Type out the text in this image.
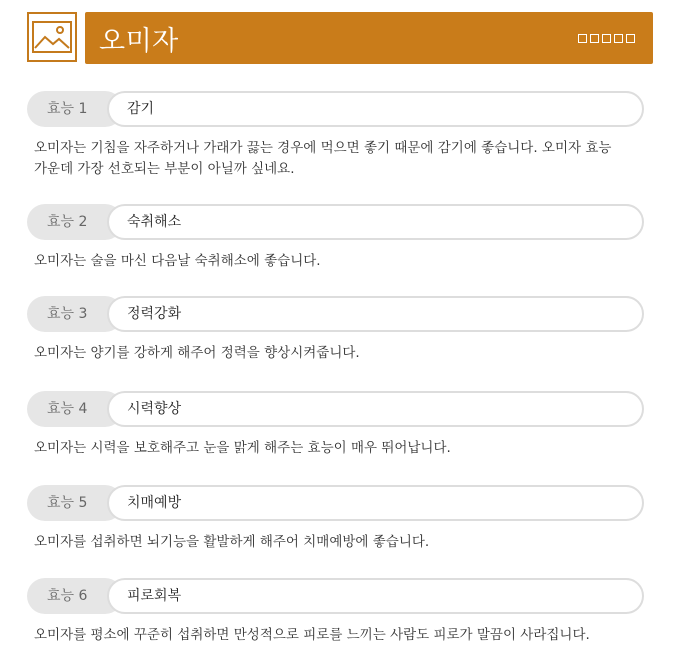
오미자
효능 1	감기
오미자는 기침을 자주하거나 가래가 끓는 경우에 먹으면 좋기 때문에 감기에 좋습니다. 오미자 효능 가운데 가장 선호되는 부분이 아닐까 싶네요.
효능 2	숙취해소
오미자는 술을 마신 다음날 숙취해소에 좋습니다.
효능 3	정력강화
오미자는 양기를 강하게 해주어 정력을 향상시켜줍니다.
효능 4	시력향상
오미자는 시력을 보호해주고 눈을 맑게 해주는 효능이 매우 뛰어납니다.
효능 5	치매예방
오미자를 섭취하면 뇌기능을 활발하게 해주어 치매예방에 좋습니다.
효능 6	피로회복
오미자를 평소에 꾸준히 섭취하면 만성적으로 피로를 느끼는 사람도 피로가 말끔이 사라집니다.
